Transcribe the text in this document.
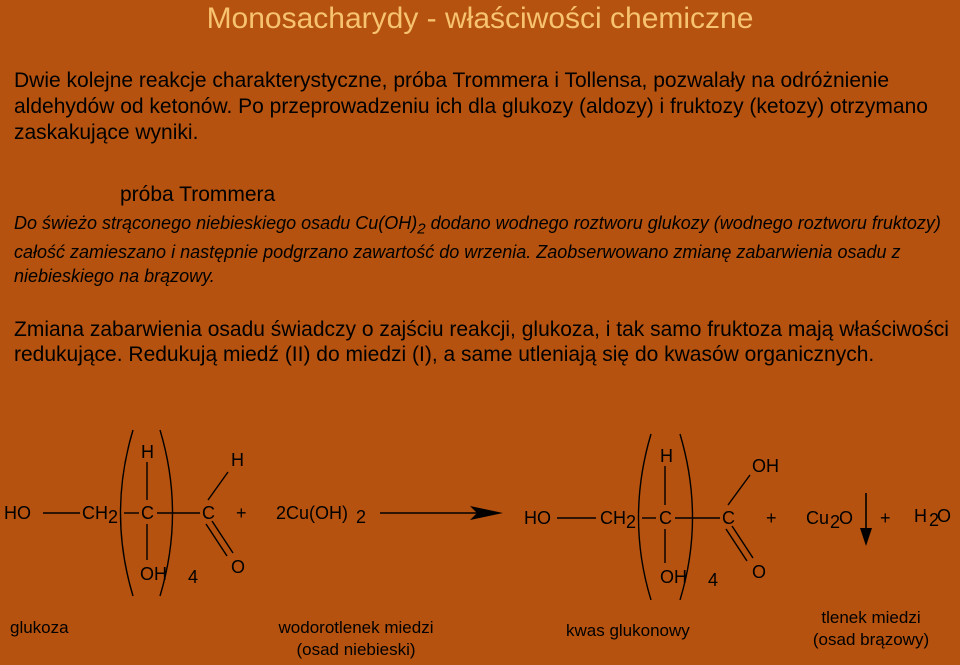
Monosacharydy - właściwości chemiczne
Dwie kolejne reakcje charakterystyczne, próba Trommera i Tollensa, pozwalały na odróżnienie aldehydów od ketonów. Po przeprowadzeniu ich dla glukozy (aldozy) i fruktozy (ketozy) otrzymano zaskakujące wyniki.
próba Trommera
Do świeżo strąconego niebieskiego osadu $Cu(OH)_2$ dodano wodnego roztworu glukozy (wodnego roztworu fruktozy) całość zamieszano i następnie podgrzano zawartość do wrzenia. Zaobserwowano zmianę zabarwienia osadu z niebieskiego na brązowy.
Zmiana zabarwienia osadu świadczy o zajściu reakcji, glukoza, i tak samo fruktoza mają właściwości redukujące. Redukują miedź (II) do miedzi (I), a same utleniają się do kwasów organicznych.
HO	CH 2 C	C
H
OH 4
H
O
+ 2Cu(OH) 2	HO	CH 2 C	C
H
OH 4
OH
O
+ Cu 2
O + H 2
O
glukoza	wodorotlenek miedzi
(osad niebieski)
kwas glukonowy
tlenek miedzi
(osad brązowy)
